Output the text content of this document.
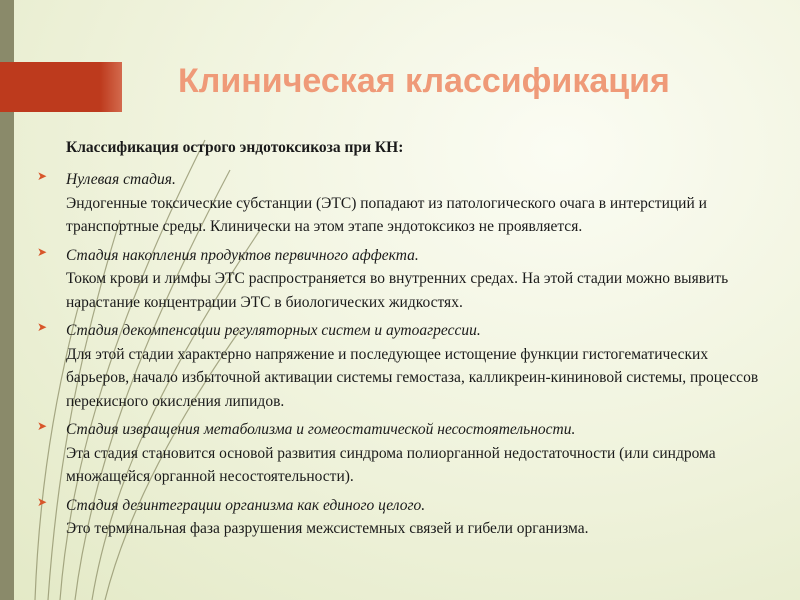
Клиническая классификация
Классификация острого эндотоксикоза при КН:
➤ Нулевая стадия.
Эндогенные токсические субстанции (ЭТС) попадают из патологического очага в интерстиций и транспортные среды. Клинически на этом этапе эндотоксикоз не проявляется.
➤ Стадия накопления продуктов первичного аффекта.
Током крови и лимфы ЭТС распространяется во внутренних средах. На этой стадии можно выявить нарастание концентрации ЭТС в биологических жидкостях.
➤ Стадия декомпенсации регуляторных систем и аутоагрессии.
Для этой стадии характерно напряжение и последующее истощение функции гистогематических барьеров, начало избыточной активации системы гемостаза, калликреин-кининовой системы, процессов перекисного окисления липидов.
➤ Стадия извращения метаболизма и гомеостатической несостоятельности.
Эта стадия становится основой развития синдрома полиорганной недостаточности (или синдрома множащейся органной несостоятельности).
➤ Стадия дезинтеграции организма как единого целого.
Это терминальная фаза разрушения межсистемных связей и гибели организма.
